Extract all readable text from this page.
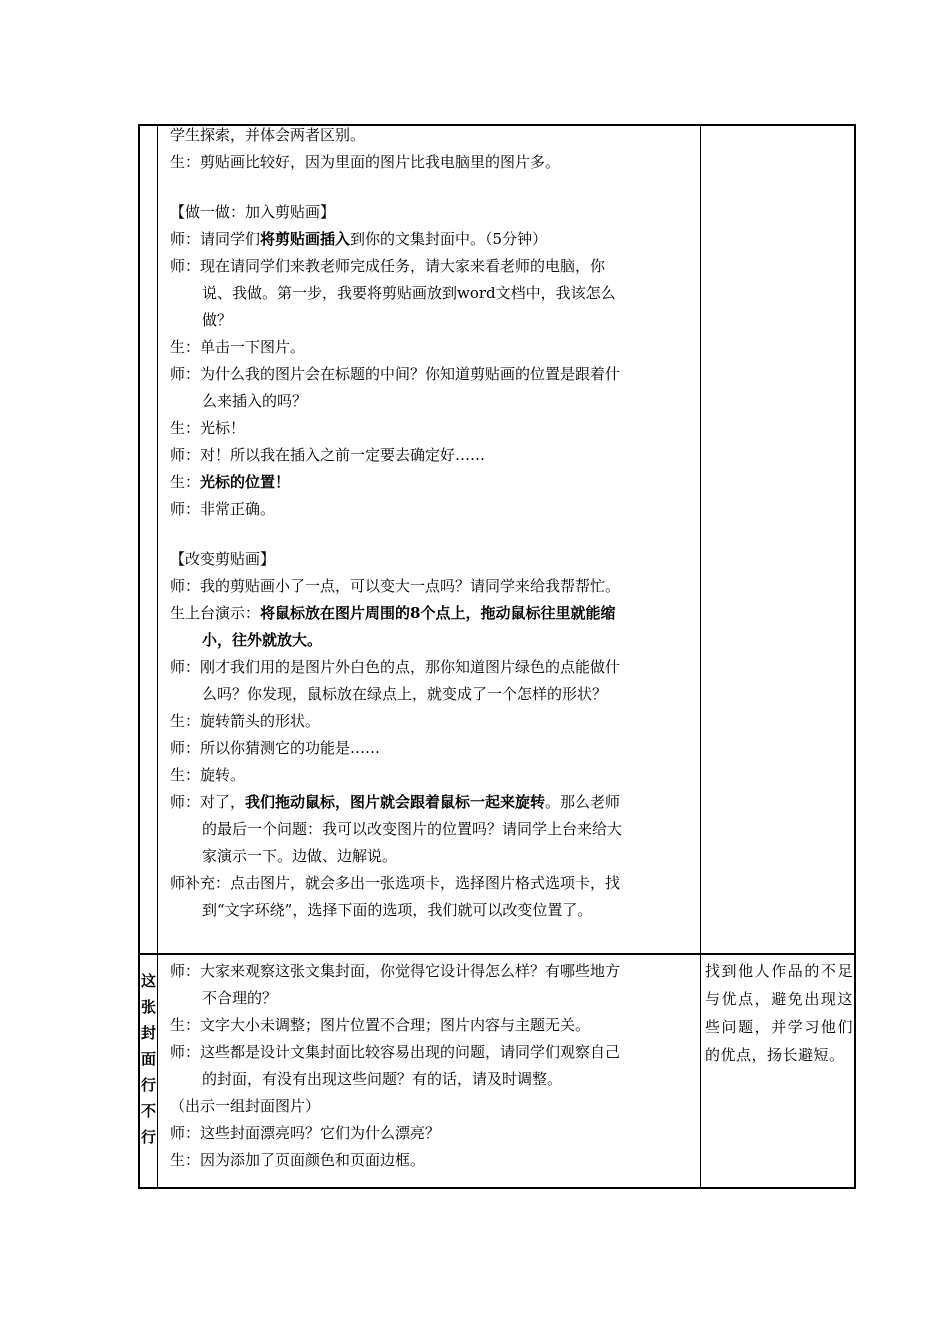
学生探索，并体会两者区别。

生：剪贴画比较好，因为里面的图片比我电脑里的图片多。

【做一做：加入剪贴画】

师：请同学们将剪贴画插入到你的文集封面中。（5分钟）

师：现在请同学们来教老师完成任务，请大家来看老师的电脑，你

说、我做。第一步，我要将剪贴画放到word文档中，我该怎么

做？

生：单击一下图片。

师：为什么我的图片会在标题的中间？你知道剪贴画的位置是跟着什

么来插入的吗？

生：光标！

师：对！所以我在插入之前一定要去确定好……

生：光标的位置！

师：非常正确。

【改变剪贴画】

师：我的剪贴画小了一点，可以变大一点吗？请同学来给我帮帮忙。

生上台演示：将鼠标放在图片周围的8个点上，拖动鼠标往里就能缩

小，往外就放大。

师：刚才我们用的是图片外白色的点，那你知道图片绿色的点能做什

么吗？你发现，鼠标放在绿点上，就变成了一个怎样的形状？

生：旋转箭头的形状。

师：所以你猜测它的功能是……

生：旋转。

师：对了，我们拖动鼠标，图片就会跟着鼠标一起来旋转。那么老师

的最后一个问题：我可以改变图片的位置吗？请同学上台来给大

家演示一下。边做、边解说。

师补充：点击图片，就会多出一张选项卡，选择图片格式选项卡，找

到“文字环绕”，选择下面的选项，我们就可以改变位置了。

这
张
封
面
行
不
行

师：大家来观察这张文集封面，你觉得它设计得怎么样？有哪些地方

不合理的？

生：文字大小未调整；图片位置不合理；图片内容与主题无关。

师：这些都是设计文集封面比较容易出现的问题，请同学们观察自己

的封面，有没有出现这些问题？有的话，请及时调整。

（出示一组封面图片）

师：这些封面漂亮吗？它们为什么漂亮？

生：因为添加了页面颜色和页面边框。

找到他人作品的不足与优点，避免出现这些问题，并学习他们的优点，扬长避短。
